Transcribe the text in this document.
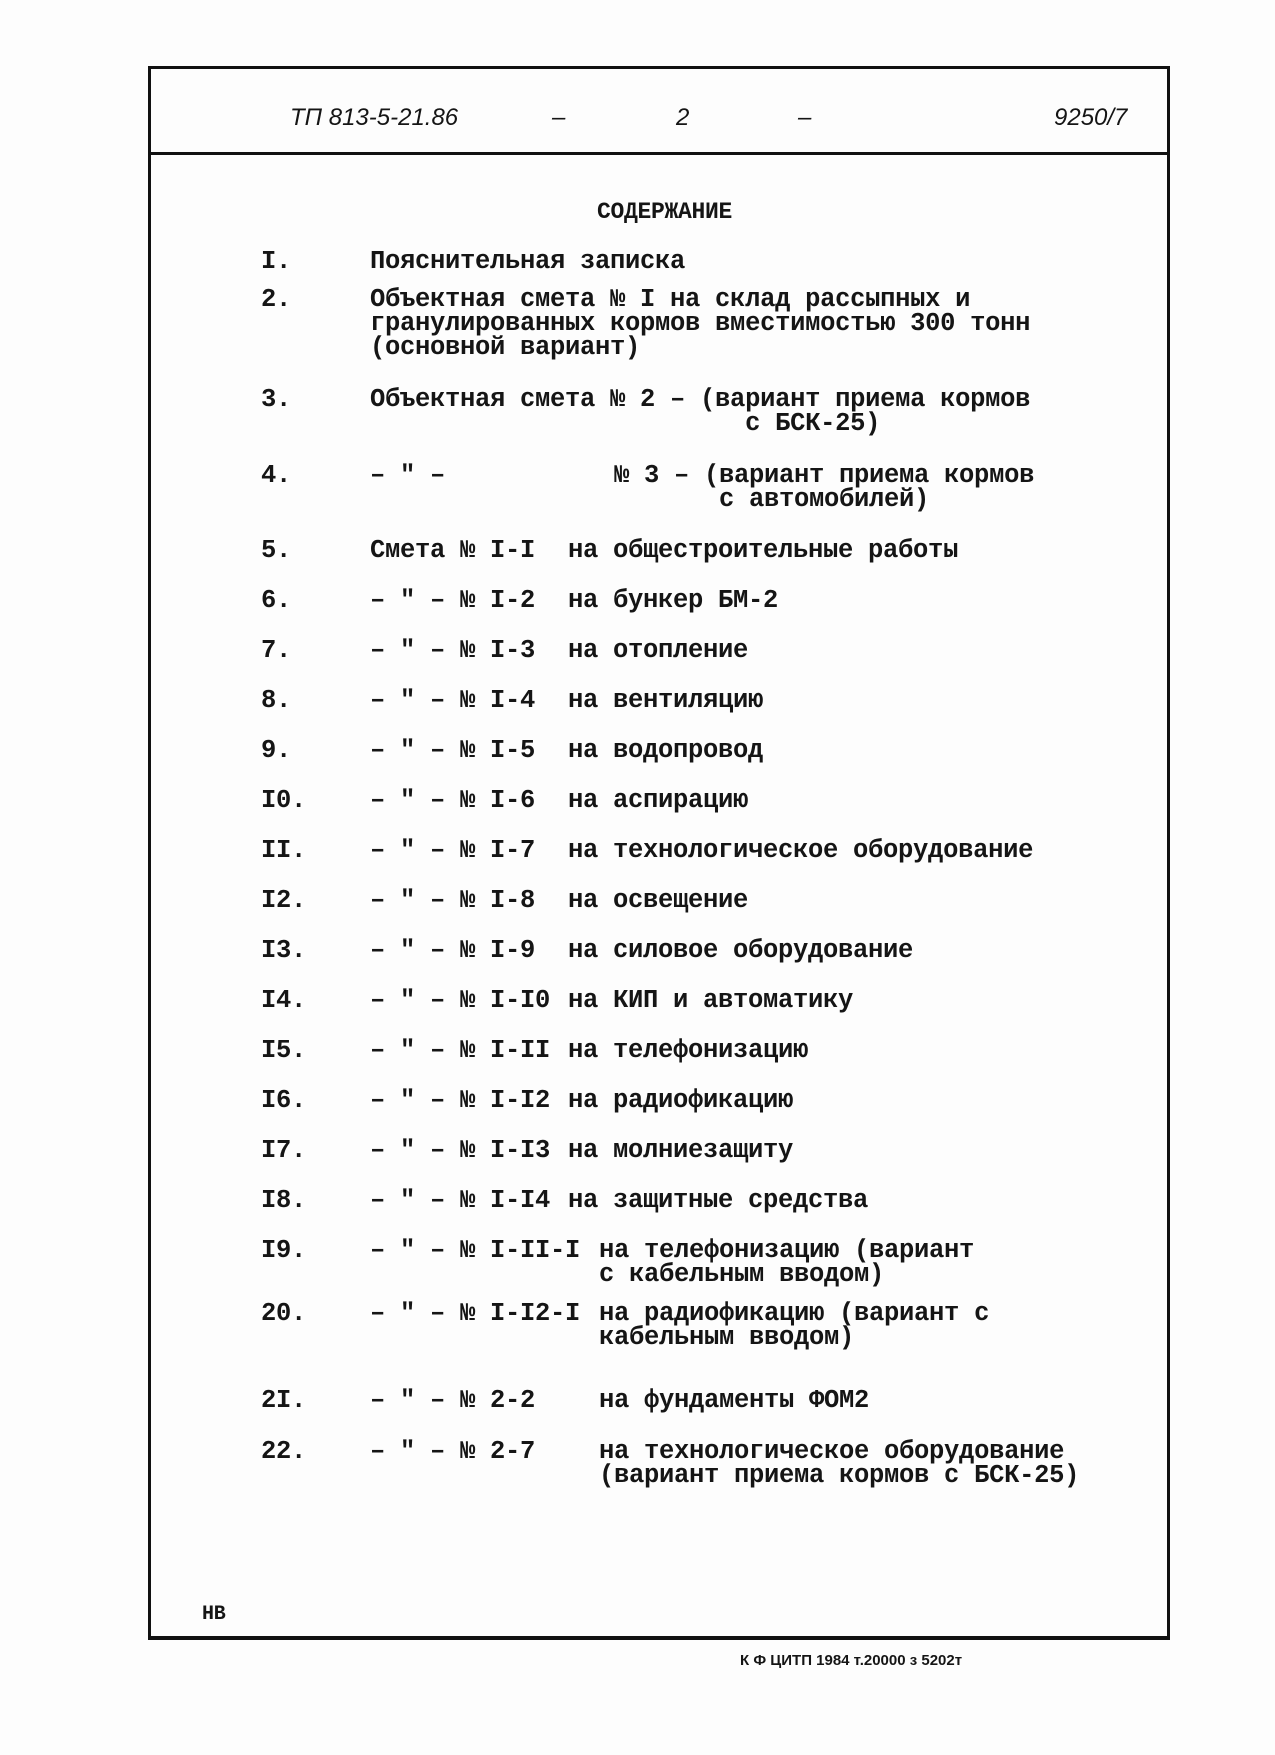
ТП 813-5-21.86	–	2	–	9250/7
СОДЕРЖАНИЕ
I.	Пояснительная записка
2.	Объектная смета № I на склад рассыпных и
гранулированных кормов вместимостью 300 тонн
(основной вариант)
3.	Объектная смета № 2 – (вариант приема кормов
с БСК-25)
4.	– " –	№ 3 – (вариант приема кормов
с автомобилей)
5.	Смета № I-I на общестроительные работы
6.	– " – № I-2 на бункер БМ-2
7.	– " – № I-3 на отопление
8.	– " – № I-4 на вентиляцию
9.	– " – № I-5 на водопровод
I0.	– " – № I-6 на аспирацию
II.	– " – № I-7 на технологическое оборудование
I2.	– " – № I-8 на освещение
I3.	– " – № I-9 на силовое оборудование
I4.	– " – № I-I0 на КИП и автоматику
I5.	– " – № I-II на телефонизацию
I6.	– " – № I-I2 на радиофикацию
I7.	– " – № I-I3 на молниезащиту
I8.	– " – № I-I4 на защитные средства
I9.	– " – № I-II-I на телефонизацию (вариант
с кабельным вводом)
20.	– " – № I-I2-I на радиофикацию (вариант с
кабельным вводом)
2I.	– " – № 2-2	на фундаменты ФОМ2
22.	– " – № 2-7	на технологическое оборудование
(вариант приема кормов с БСК-25)
НВ
К Ф ЦИТП 1984 т.20000 з 5202т
